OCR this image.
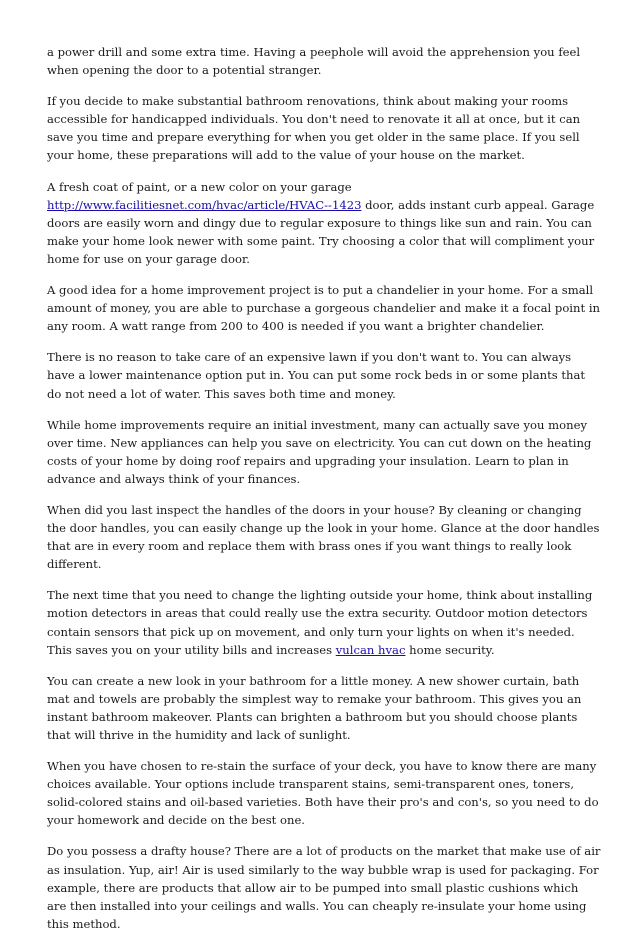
a power drill and some extra time. Having a peephole will avoid the apprehension you feel when opening the door to a potential stranger.

If you decide to make substantial bathroom renovations, think about making your rooms accessible for handicapped individuals. You don't need to renovate it all at once, but it can save you time and prepare everything for when you get older in the same place. If you sell your home, these preparations will add to the value of your house on the market.

A fresh coat of paint, or a new color on your garage http://www.facilitiesnet.com/hvac/article/HVAC--1423 door, adds instant curb appeal. Garage doors are easily worn and dingy due to regular exposure to things like sun and rain. You can make your home look newer with some paint. Try choosing a color that will compliment your home for use on your garage door.

A good idea for a home improvement project is to put a chandelier in your home. For a small amount of money, you are able to purchase a gorgeous chandelier and make it a focal point in any room. A watt range from 200 to 400 is needed if you want a brighter chandelier.

There is no reason to take care of an expensive lawn if you don't want to. You can always have a lower maintenance option put in. You can put some rock beds in or some plants that do not need a lot of water. This saves both time and money.

While home improvements require an initial investment, many can actually save you money over time. New appliances can help you save on electricity. You can cut down on the heating costs of your home by doing roof repairs and upgrading your insulation. Learn to plan in advance and always think of your finances.

When did you last inspect the handles of the doors in your house? By cleaning or changing the door handles, you can easily change up the look in your home. Glance at the door handles that are in every room and replace them with brass ones if you want things to really look different.

The next time that you need to change the lighting outside your home, think about installing motion detectors in areas that could really use the extra security. Outdoor motion detectors contain sensors that pick up on movement, and only turn your lights on when it's needed. This saves you on your utility bills and increases vulcan hvac home security.

You can create a new look in your bathroom for a little money. A new shower curtain, bath mat and towels are probably the simplest way to remake your bathroom. This gives you an instant bathroom makeover. Plants can brighten a bathroom but you should choose plants that will thrive in the humidity and lack of sunlight.

When you have chosen to re-stain the surface of your deck, you have to know there are many choices available. Your options include transparent stains, semi-transparent ones, toners, solid-colored stains and oil-based varieties. Both have their pro's and con's, so you need to do your homework and decide on the best one.

Do you possess a drafty house? There are a lot of products on the market that make use of air as insulation. Yup, air! Air is used similarly to the way bubble wrap is used for packaging. For example, there are products that allow air to be pumped into small plastic cushions which are then installed into your ceilings and walls. You can cheaply re-insulate your home using this method.
